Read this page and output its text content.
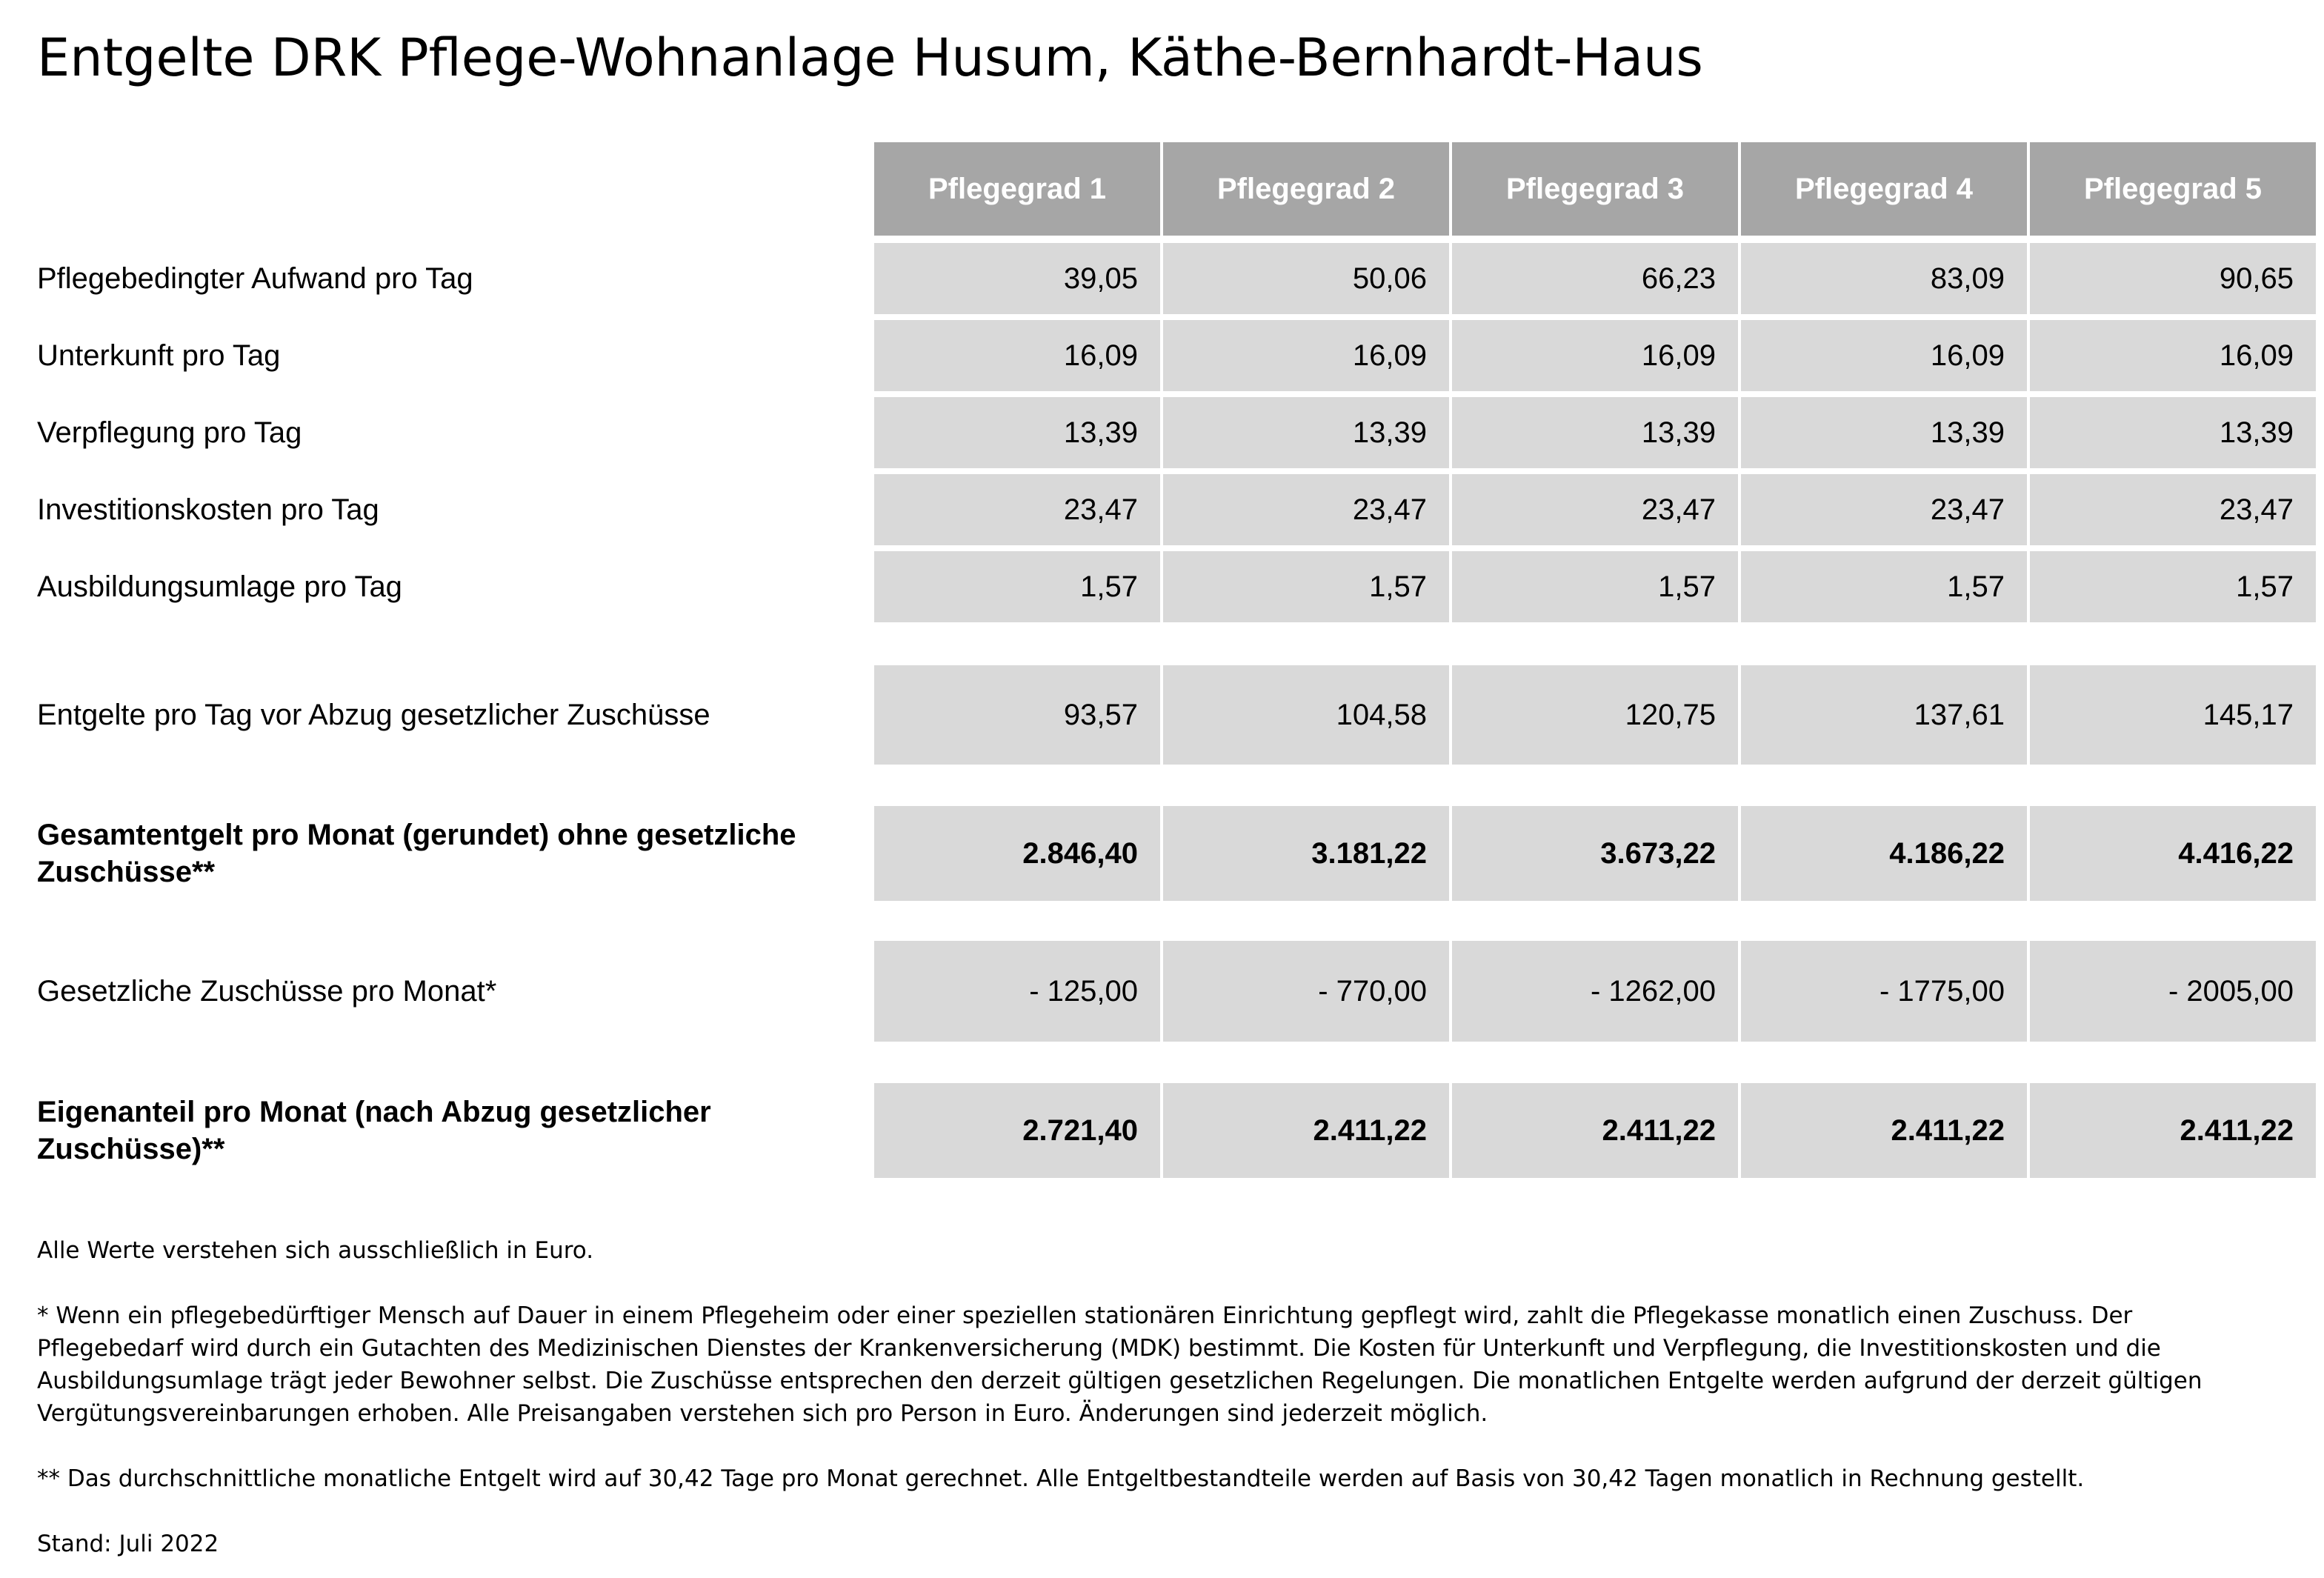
Entgelte DRK Pflege-Wohnanlage Husum, Käthe-Bernhardt-Haus
Pflegegrad 1	Pflegegrad 2	Pflegegrad 3	Pflegegrad 4	Pflegegrad 5
Pflegebedingter Aufwand pro Tag	39,05	50,06	66,23	83,09	90,65
Unterkunft pro Tag	16,09	16,09	16,09	16,09	16,09
Verpflegung pro Tag	13,39	13,39	13,39	13,39	13,39
Investitionskosten pro Tag	23,47	23,47	23,47	23,47	23,47
Ausbildungsumlage pro Tag	1,57	1,57	1,57	1,57	1,57
Entgelte pro Tag vor Abzug gesetzlicher Zuschüsse	93,57	104,58	120,75	137,61	145,17
Gesamtentgelt pro Monat (gerundet) ohne gesetzliche Zuschüsse**
2.846,40	3.181,22	3.673,22	4.186,22	4.416,22
Gesetzliche Zuschüsse pro Monat*	- 125,00	- 770,00	- 1262,00	- 1775,00	- 2005,00
Eigenanteil pro Monat (nach Abzug gesetzlicher Zuschüsse)**
2.721,40	2.411,22	2.411,22	2.411,22	2.411,22
Alle Werte verstehen sich ausschließlich in Euro.
* Wenn ein pflegebedürftiger Mensch auf Dauer in einem Pflegeheim oder einer speziellen stationären Einrichtung gepflegt wird, zahlt die Pflegekasse monatlich einen Zuschuss. Der Pflegebedarf wird durch ein Gutachten des Medizinischen Dienstes der Krankenversicherung (MDK) bestimmt. Die Kosten für Unterkunft und Verpflegung, die Investitionskosten und die Ausbildungsumlage trägt jeder Bewohner selbst. Die Zuschüsse entsprechen den derzeit gültigen gesetzlichen Regelungen. Die monatlichen Entgelte werden aufgrund der derzeit gültigen Vergütungsvereinbarungen erhoben. Alle Preisangaben verstehen sich pro Person in Euro. Änderungen sind jederzeit möglich.
** Das durchschnittliche monatliche Entgelt wird auf 30,42 Tage pro Monat gerechnet. Alle Entgeltbestandteile werden auf Basis von 30,42 Tagen monatlich in Rechnung gestellt.
Stand: Juli 2022
